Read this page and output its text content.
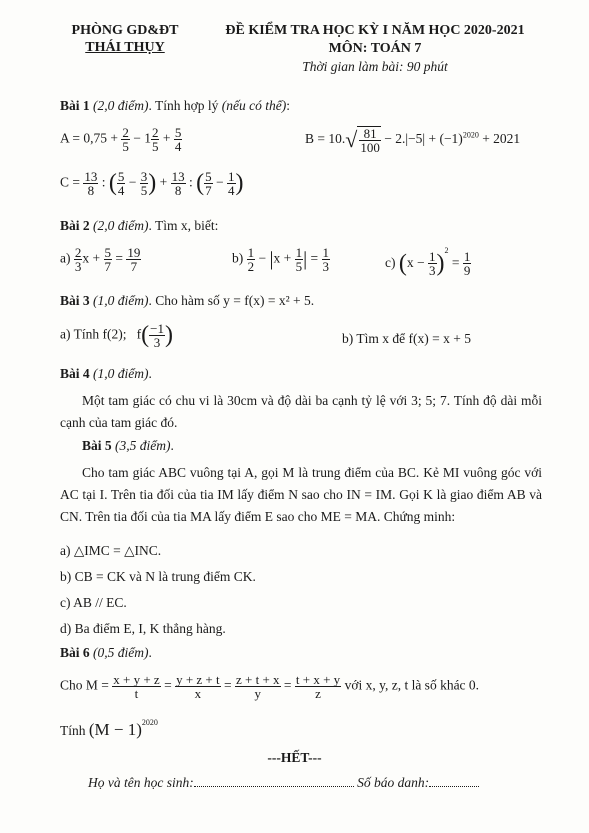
PHÒNG GD&ĐT
THÁI THỤY
ĐỀ KIỂM TRA HỌC KỲ I NĂM HỌC 2020-2021
MÔN: TOÁN 7
Thời gian làm bài: 90 phút
Bài 1 (2,0 điểm). Tính hợp lý (nếu có thể):
$A = 0,75 + \frac{2}{5} - 1 \frac{2}{5} + \frac{5}{4}$	$B = 10.√ \frac{81}{100} - 2.|-5| + (-1)^{2020} + 2021$
$C = \frac{13}{8}$ : ( $\frac{5}{4} - \frac{3}{5}$ ) + $\frac{13}{8}$ : ( $\frac{5}{7} - \frac{1}{4}$ )
Bài 2 (2,0 điểm). Tìm x, biết:
$a) \frac{2}{3}$ $x + \frac{5}{7} = \frac{19}{7}$	$b) \frac{1}{2} - |x + \frac{1}{5}$ | = $\frac{1}{3}$	c) $(x - \frac{1}{3} )^2 = \frac{1}{9}$
Bài 3 (1,0 điểm). Cho hàm số y = f(x) = x² + 5.
a) Tính f(2);   $f( \frac{-1}{3}$ )	b) Tìm x để f(x) = x + 5
Bài 4 (1,0 điểm).
Một tam giác có chu vi là 30cm và độ dài ba cạnh tỷ lệ với 3; 5; 7. Tính độ dài mỗi cạnh của tam giác đó.
Bài 5 (3,5 điểm).
Cho tam giác ABC vuông tại A, gọi M là trung điểm của BC. Kẻ MI vuông góc với AC tại I. Trên tia đối của tia IM lấy điểm N sao cho IN = IM. Gọi K là giao điểm AB và CN. Trên tia đối của tia MA lấy điểm E sao cho ME = MA. Chứng minh:
a) △IMC = △INC.
b) CB = CK và N là trung điểm CK.
c) AB // EC.
d) Ba điểm E, I, K thẳng hàng.
Bài 6 (0,5 điểm).
Cho $M = \frac{x + y + z}{t} = \frac{y + z + t}{x} = \frac{z + t + x}{y} = \frac{t + x + y}{z}$ với x, y, z, t là số khác 0.
Tính $(M - 1)^{2020}$
---HẾT---
Họ và tên học sinh:	Số báo danh:
